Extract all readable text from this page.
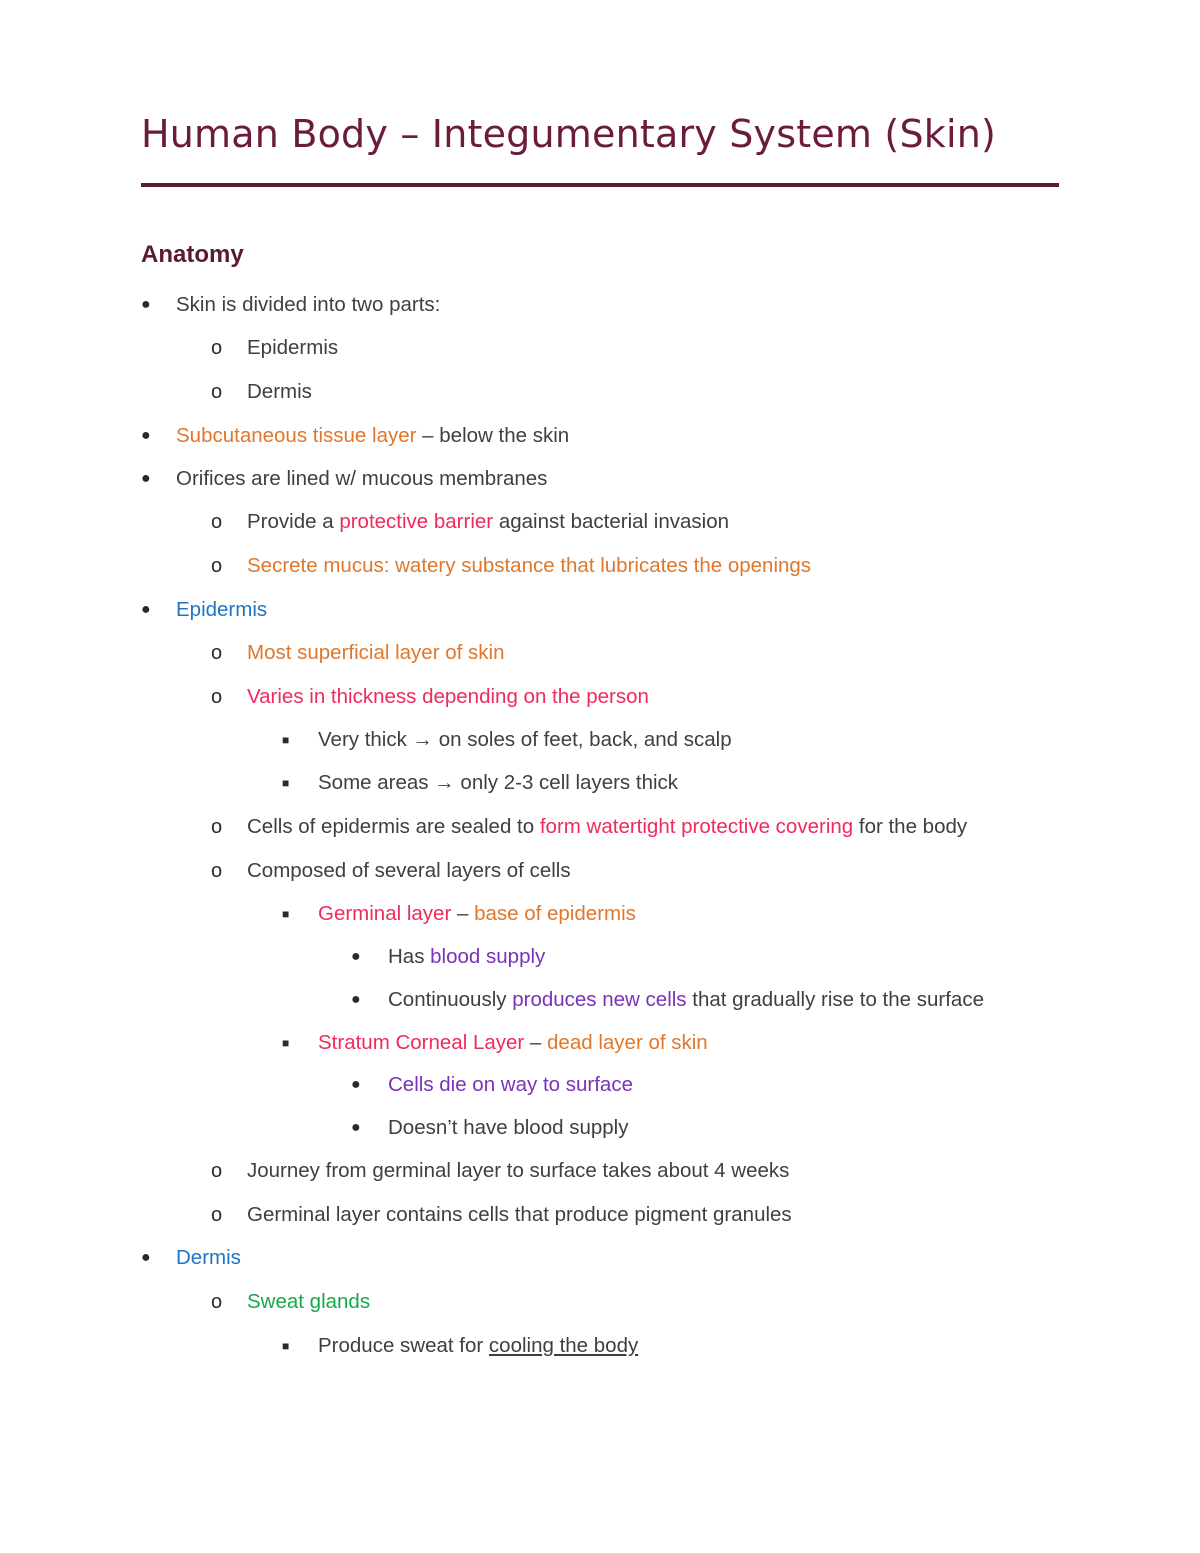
Human Body – Integumentary System (Skin)
Anatomy
● Skin is divided into two parts:
o Epidermis
o Dermis
● Subcutaneous tissue layer – below the skin
● Orifices are lined w/ mucous membranes
o Provide a protective barrier against bacterial invasion
o Secrete mucus: watery substance that lubricates the openings
● Epidermis
o Most superficial layer of skin
o Varies in thickness depending on the person
■ Very thick → on soles of feet, back, and scalp
■ Some areas → only 2-3 cell layers thick
o Cells of epidermis are sealed to form watertight protective covering for the body
o Composed of several layers of cells
■ Germinal layer – base of epidermis
● Has blood supply
● Continuously produces new cells that gradually rise to the surface
■ Stratum Corneal Layer – dead layer of skin
● Cells die on way to surface
● Doesn’t have blood supply
o Journey from germinal layer to surface takes about 4 weeks
o Germinal layer contains cells that produce pigment granules
● Dermis
o Sweat glands
■ Produce sweat for cooling the body
